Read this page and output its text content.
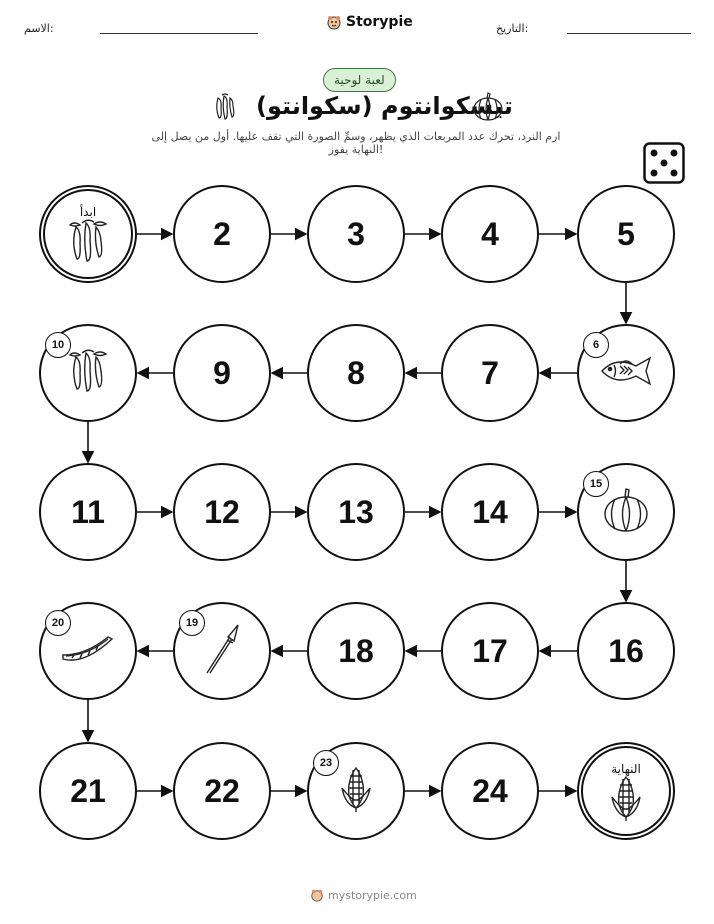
الاسم:	Storypie	التاريخ:
لعبة لوحية
تيسكوانتوم (سكوانتو)
ارم النرد، تحرك عدد المربعات الذي يظهر، وسمِّ الصورة التي تقف عليها. أول من يصل إلى النهاية يفوز!
ابدأ
2	3	4	5
6
7
8
9
10
11	12	13	14
15
16
17
18
19
20
21	22
23
24
النهاية
mystorypie.com
